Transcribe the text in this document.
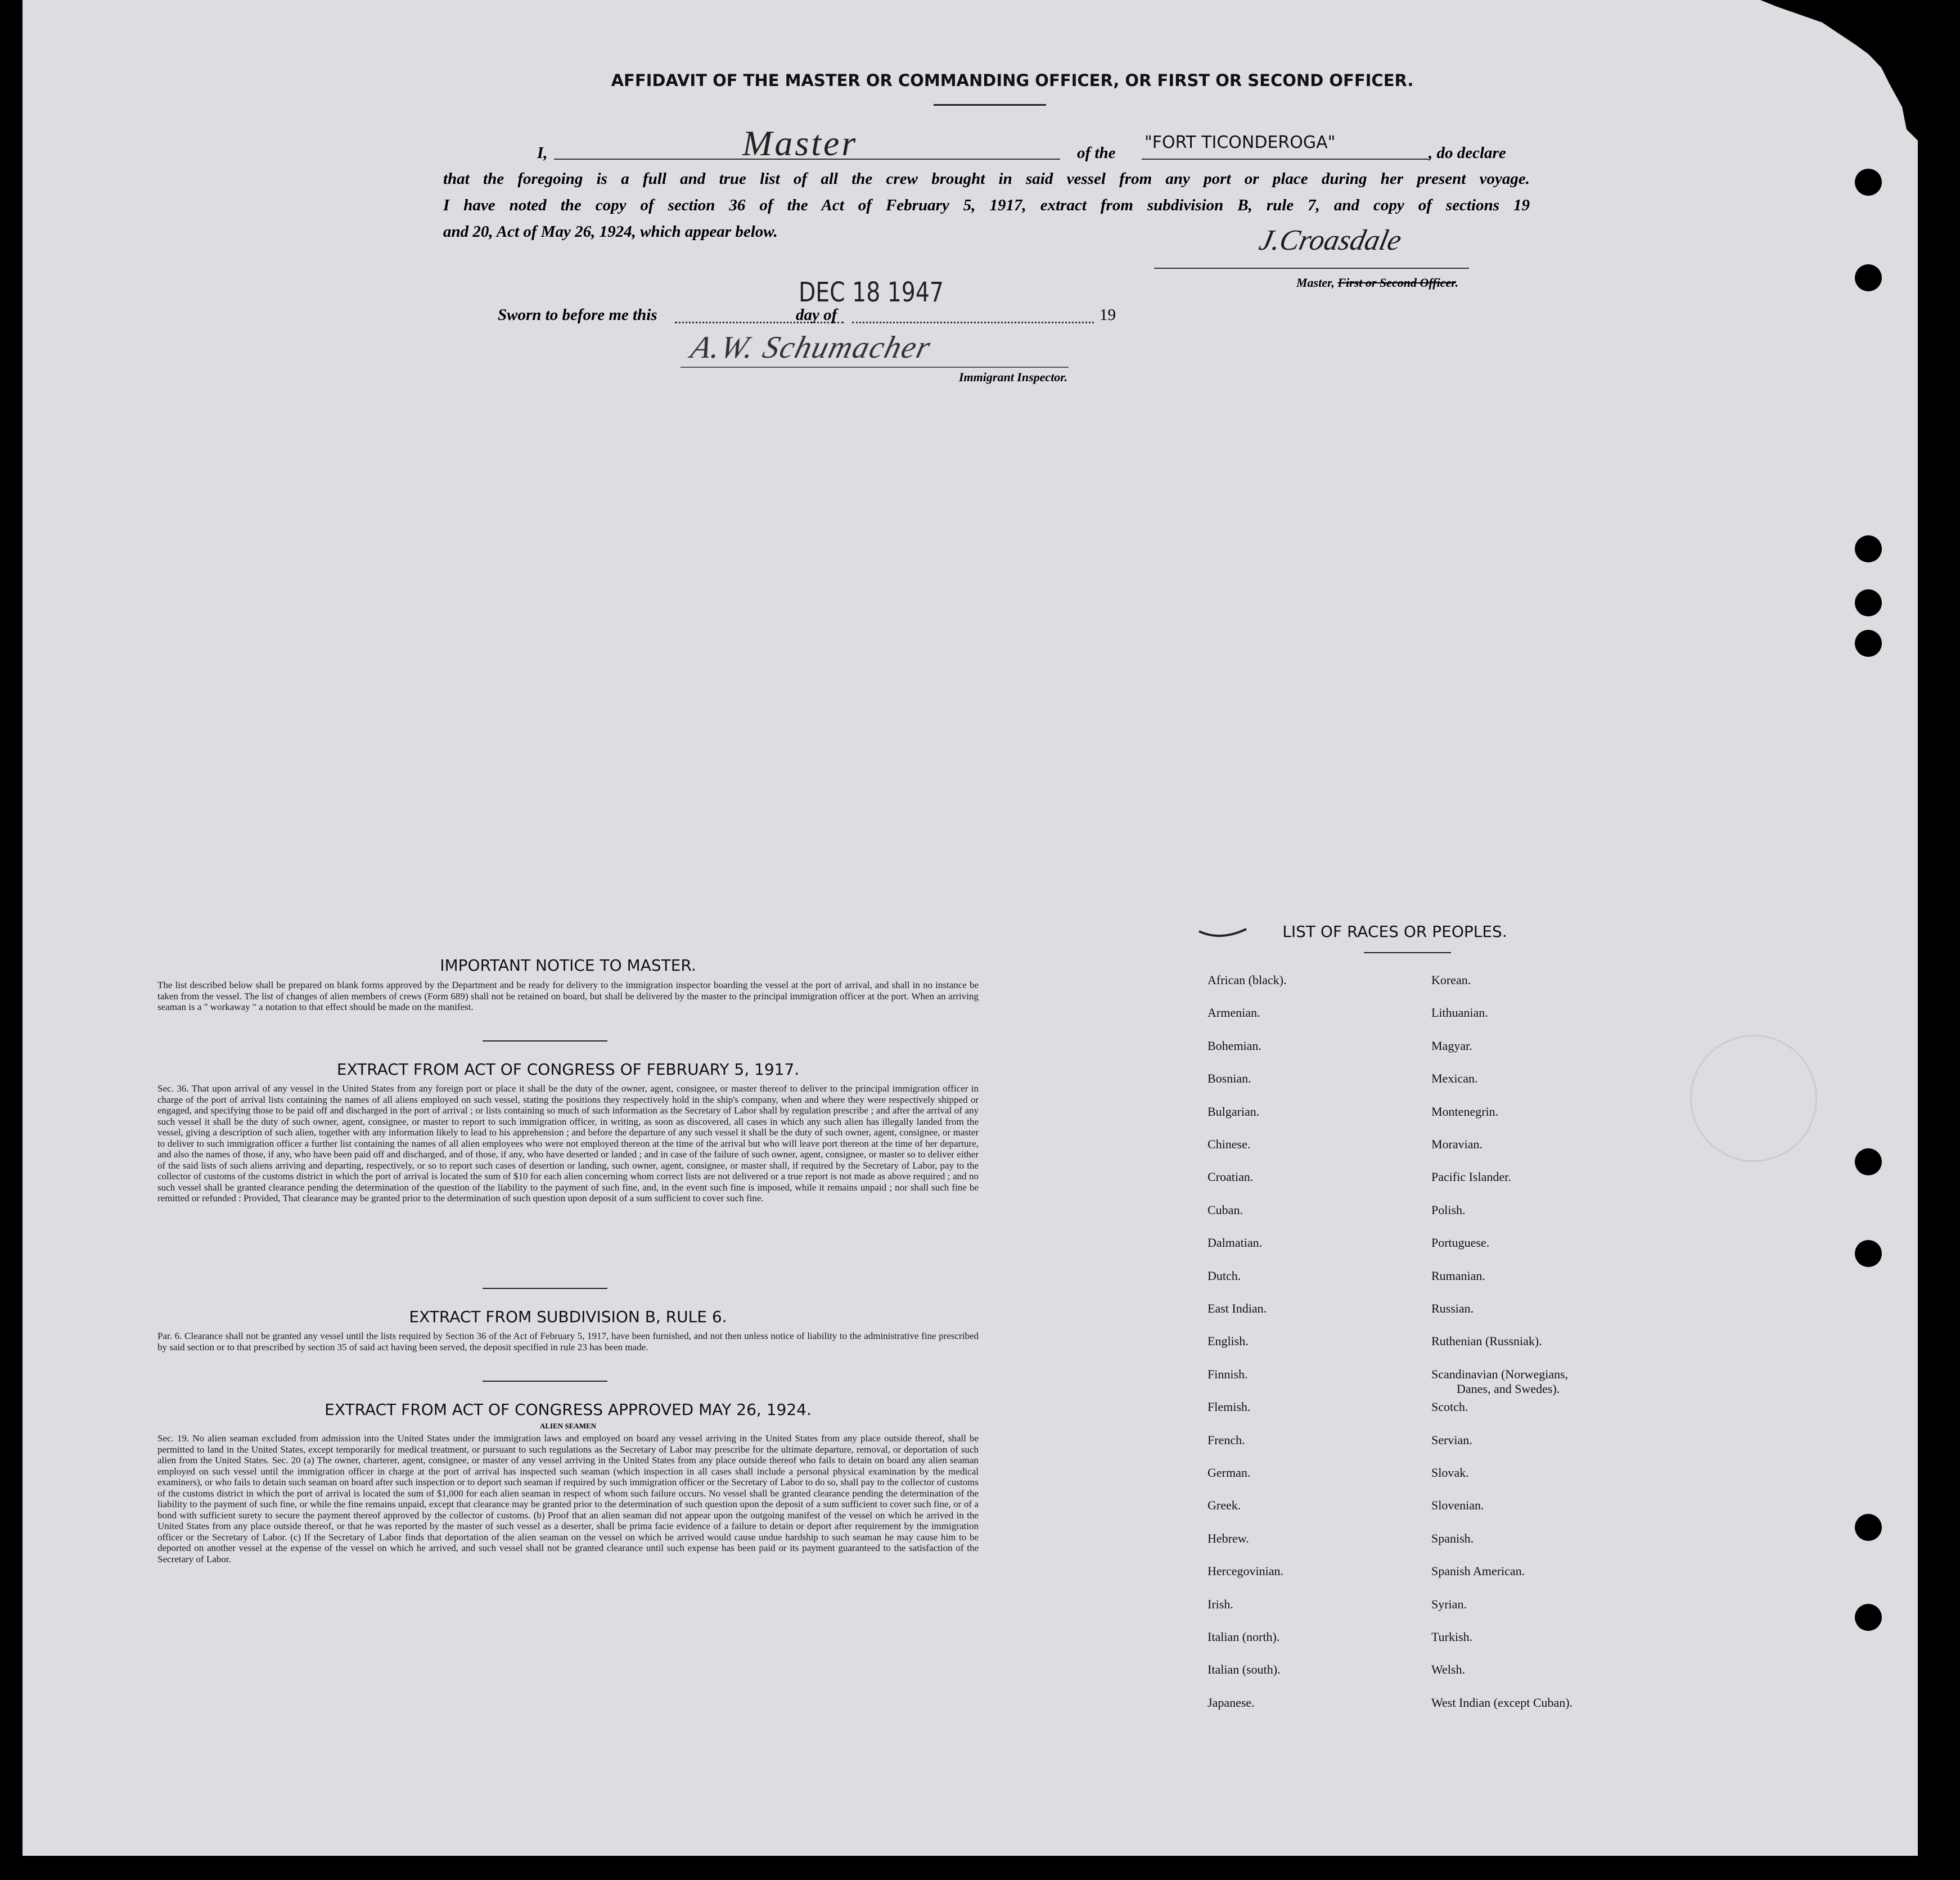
AFFIDAVIT OF THE MASTER OR COMMANDING OFFICER, OR FIRST OR SECOND OFFICER.
I,	Master	of the
"FORT TICONDEROGA"
, do declare
that the foregoing is a full and true list of all the crew brought in said vessel from any port or place during her present voyage.
I have noted the copy of section 36 of the Act of February 5, 1917, extract from subdivision B, rule 7, and copy of sections 19
and 20, Act of May 26, 1924, which appear below.	J.Croasdale
Master, First or Second Officer.
Sworn to before me this
DEC 18 1947
day of	19
A.W. Schumacher
Immigrant Inspector.
IMPORTANT NOTICE TO MASTER.
The list described below shall be prepared on blank forms approved by the Department and be ready for delivery to the immigration inspector boarding the vessel at the port of arrival, and shall in no instance be taken from the vessel. The list of changes of alien members of crews (Form 689) shall not be retained on board, but shall be delivered by the master to the principal immigration officer at the port. When an arriving seaman is a " workaway " a notation to that effect should be made on the manifest.
EXTRACT FROM ACT OF CONGRESS OF FEBRUARY 5, 1917.
Sec. 36. That upon arrival of any vessel in the United States from any foreign port or place it shall be the duty of the owner, agent, consignee, or master thereof to deliver to the principal immigration officer in charge of the port of arrival lists containing the names of all aliens employed on such vessel, stating the positions they respectively hold in the ship's company, when and where they were respectively shipped or engaged, and specifying those to be paid off and discharged in the port of arrival ; or lists containing so much of such information as the Secretary of Labor shall by regulation prescribe ; and after the arrival of any such vessel it shall be the duty of such owner, agent, consignee, or master to report to such immigration officer, in writing, as soon as discovered, all cases in which any such alien has illegally landed from the vessel, giving a description of such alien, together with any information likely to lead to his apprehension ; and before the departure of any such vessel it shall be the duty of such owner, agent, consignee, or master to deliver to such immigration officer a further list containing the names of all alien employees who were not employed thereon at the time of the arrival but who will leave port thereon at the time of her departure, and also the names of those, if any, who have been paid off and discharged, and of those, if any, who have deserted or landed ; and in case of the failure of such owner, agent, consignee, or master so to deliver either of the said lists of such aliens arriving and departing, respectively, or so to report such cases of desertion or landing, such owner, agent, consignee, or master shall, if required by the Secretary of Labor, pay to the collector of customs of the customs district in which the port of arrival is located the sum of $10 for each alien concerning whom correct lists are not delivered or a true report is not made as above required ; and no such vessel shall be granted clearance pending the determination of the question of the liability to the payment of such fine, and, in the event such fine is imposed, while it remains unpaid ; nor shall such fine be remitted or refunded : Provided, That clearance may be granted prior to the determination of such question upon deposit of a sum sufficient to cover such fine.
EXTRACT FROM SUBDIVISION B, RULE 6.
Par. 6. Clearance shall not be granted any vessel until the lists required by Section 36 of the Act of February 5, 1917, have been furnished, and not then unless notice of liability to the administrative fine prescribed by said section or to that prescribed by section 35 of said act having been served, the deposit specified in rule 23 has been made.
EXTRACT FROM ACT OF CONGRESS APPROVED MAY 26, 1924.
ALIEN SEAMEN
Sec. 19. No alien seaman excluded from admission into the United States under the immigration laws and employed on board any vessel arriving in the United States from any place outside thereof, shall be permitted to land in the United States, except temporarily for medical treatment, or pursuant to such regulations as the Secretary of Labor may prescribe for the ultimate departure, removal, or deportation of such alien from the United States. Sec. 20 (a) The owner, charterer, agent, consignee, or master of any vessel arriving in the United States from any place outside thereof who fails to detain on board any alien seaman employed on such vessel until the immigration officer in charge at the port of arrival has inspected such seaman (which inspection in all cases shall include a personal physical examination by the medical examiners), or who fails to detain such seaman on board after such inspection or to deport such seaman if required by such immigration officer or the Secretary of Labor to do so, shall pay to the collector of customs of the customs district in which the port of arrival is located the sum of $1,000 for each alien seaman in respect of whom such failure occurs. No vessel shall be granted clearance pending the determination of the liability to the payment of such fine, or while the fine remains unpaid, except that clearance may be granted prior to the determination of such question upon the deposit of a sum sufficient to cover such fine, or of a bond with sufficient surety to secure the payment thereof approved by the collector of customs. (b) Proof that an alien seaman did not appear upon the outgoing manifest of the vessel on which he arrived in the United States from any place outside thereof, or that he was reported by the master of such vessel as a deserter, shall be prima facie evidence of a failure to detain or deport after requirement by the immigration officer or the Secretary of Labor. (c) If the Secretary of Labor finds that deportation of the alien seaman on the vessel on which he arrived would cause undue hardship to such seaman he may cause him to be deported on another vessel at the expense of the vessel on which he arrived, and such vessel shall not be granted clearance until such expense has been paid or its payment guaranteed to the satisfaction of the Secretary of Labor.
LIST OF RACES OR PEOPLES.
African (black).
Armenian.
Bohemian.
Bosnian.
Bulgarian.
Chinese.
Croatian.
Cuban.
Dalmatian.
Dutch.
East Indian.
English.
Finnish.
Flemish.
French.
German.
Greek.
Hebrew.
Hercegovinian.
Irish.
Italian (north).
Italian (south).
Japanese.
Korean.
Lithuanian.
Magyar.
Mexican.
Montenegrin.
Moravian.
Pacific Islander.
Polish.
Portuguese.
Rumanian.
Russian.
Ruthenian (Russniak).
Scandinavian (Norwegians,
Danes, and Swedes).
Scotch.
Servian.
Slovak.
Slovenian.
Spanish.
Spanish American.
Syrian.
Turkish.
Welsh.
West Indian (except Cuban).
